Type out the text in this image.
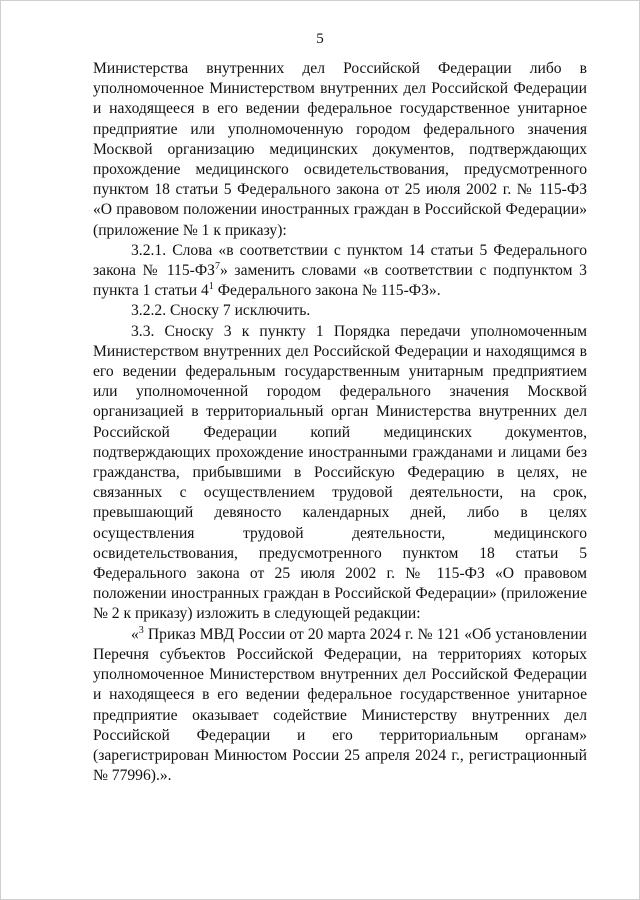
5

Министерства внутренних дел Российской Федерации либо в уполномоченное Министерством внутренних дел Российской Федерации и находящееся в его ведении федеральное государственное унитарное предприятие или уполномоченную городом федерального значения Москвой организацию медицинских документов, подтверждающих прохождение медицинского освидетельствования, предусмотренного пунктом 18 статьи 5 Федерального закона от 25 июля 2002 г. № 115-ФЗ «О правовом положении иностранных граждан в Российской Федерации» (приложение № 1 к приказу):

3.2.1. Слова «в соответствии с пунктом 14 статьи 5 Федерального закона № $115-ФЗ^7$» заменить словами «в соответствии с подпунктом 3 пункта 1 статьи $4^1$ Федерального закона № 115-ФЗ».

3.2.2. Сноску 7 исключить.

3.3. Сноску 3 к пункту 1 Порядка передачи уполномоченным Министерством внутренних дел Российской Федерации и находящимся в его ведении федеральным государственным унитарным предприятием или уполномоченной городом федерального значения Москвой организацией в территориальный орган Министерства внутренних дел Российской Федерации копий медицинских документов, подтверждающих прохождение иностранными гражданами и лицами без гражданства, прибывшими в Российскую Федерацию в целях, не связанных с осуществлением трудовой деятельности, на срок, превышающий девяносто календарных дней, либо в целях осуществления трудовой деятельности, медицинского освидетельствования, предусмотренного пунктом 18 статьи 5 Федерального закона от 25 июля 2002 г. № 115-ФЗ «О правовом положении иностранных граждан в Российской Федерации» (приложение № 2 к приказу) изложить в следующей редакции:

«$^3$ Приказ МВД России от 20 марта 2024 г. № 121 «Об установлении Перечня субъектов Российской Федерации, на территориях которых уполномоченное Министерством внутренних дел Российской Федерации и находящееся в его ведении федеральное государственное унитарное предприятие оказывает содействие Министерству внутренних дел Российской Федерации и его территориальным органам» (зарегистрирован Минюстом России 25 апреля 2024 г., регистрационный № 77996).».
